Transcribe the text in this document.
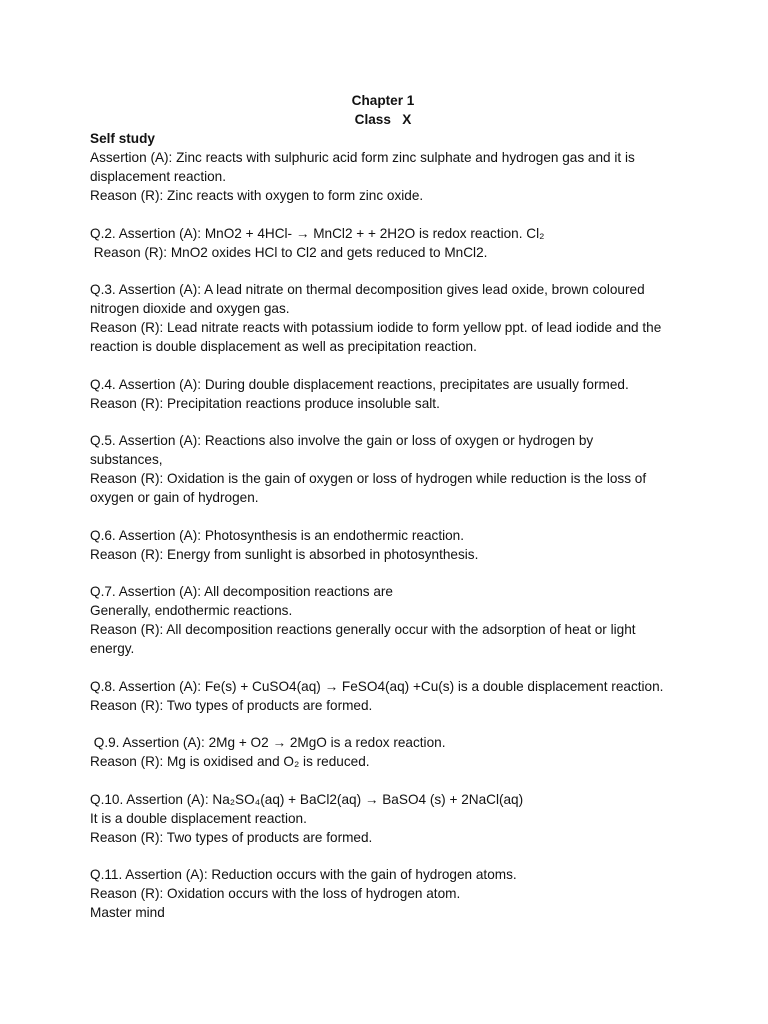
Chapter 1
Class   X
Self study
Assertion (A): Zinc reacts with sulphuric acid form zinc sulphate and hydrogen gas and it is
displacement reaction.
Reason (R): Zinc reacts with oxygen to form zinc oxide.
Q.2. Assertion (A): MnO2 + 4HCl- → MnCl2 + + 2H2O is redox reaction. Cl₂
Reason (R): MnO2 oxides HCl to Cl2 and gets reduced to MnCl2.
Q.3. Assertion (A): A lead nitrate on thermal decomposition gives lead oxide, brown coloured
nitrogen dioxide and oxygen gas.
Reason (R): Lead nitrate reacts with potassium iodide to form yellow ppt. of lead iodide and the
reaction is double displacement as well as precipitation reaction.
Q.4. Assertion (A): During double displacement reactions, precipitates are usually formed.
Reason (R): Precipitation reactions produce insoluble salt.
Q.5. Assertion (A): Reactions also involve the gain or loss of oxygen or hydrogen by
substances,
Reason (R): Oxidation is the gain of oxygen or loss of hydrogen while reduction is the loss of
oxygen or gain of hydrogen.
Q.6. Assertion (A): Photosynthesis is an endothermic reaction.
Reason (R): Energy from sunlight is absorbed in photosynthesis.
Q.7. Assertion (A): All decomposition reactions are
Generally, endothermic reactions.
Reason (R): All decomposition reactions generally occur with the adsorption of heat or light
energy.
Q.8. Assertion (A): Fe(s) + CuSO4(aq) → FeSO4(aq) +Cu(s) is a double displacement reaction.
Reason (R): Two types of products are formed.
Q.9. Assertion (A): 2Mg + O2 → 2MgO is a redox reaction.
Reason (R): Mg is oxidised and O₂ is reduced.
Q.10. Assertion (A): Na₂SO₄(aq) + BaCl2(aq) → BaSO4 (s) + 2NaCl(aq)
It is a double displacement reaction.
Reason (R): Two types of products are formed.
Q.11. Assertion (A): Reduction occurs with the gain of hydrogen atoms.
Reason (R): Oxidation occurs with the loss of hydrogen atom.
Master mind
